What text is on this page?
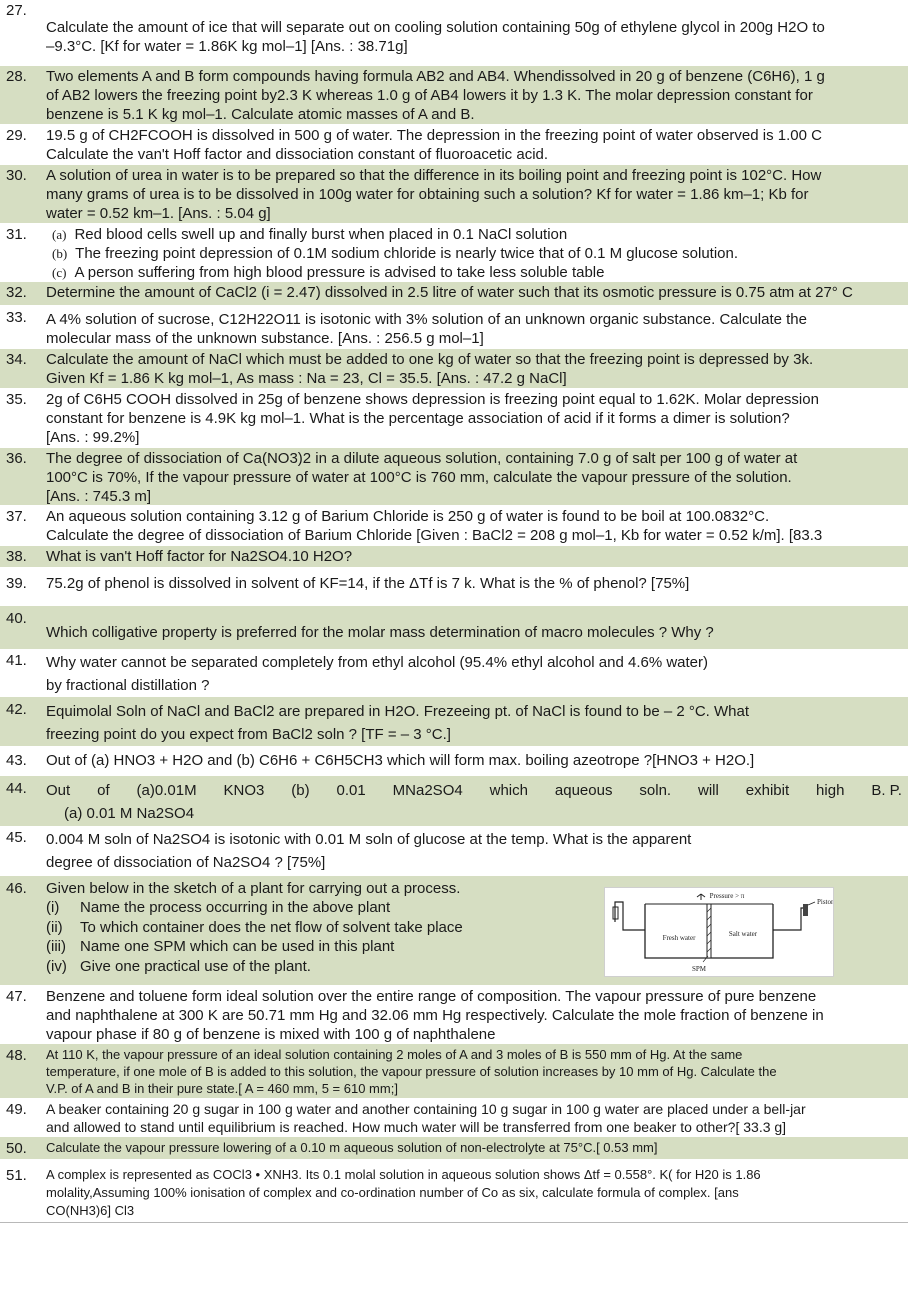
27.
Calculate the amount of ice that will separate out on cooling solution containing 50g of ethylene glycol in 200g H2O to
–9.3°C. [Kf for water = 1.86K kg mol–1] [Ans. : 38.71g]
28. Two elements A and B form compounds having formula AB2 and AB4. Whendissolved in 20 g of benzene (C6H6), 1 g
of AB2 lowers the freezing point by2.3 K whereas 1.0 g of AB4 lowers it by 1.3 K. The molar depression constant for
benzene is 5.1 K kg mol–1. Calculate atomic masses of A and B.
29. 19.5 g of CH2FCOOH is dissolved in 500 g of water. The depression in the freezing point of water observed is 1.00 C
Calculate the van't Hoff factor and dissociation constant of fluoroacetic acid.
30. A solution of urea in water is to be prepared so that the difference in its boiling point and freezing point is 102°C. How
many grams of urea is to be dissolved in 100g water for obtaining such a solution? Kf for water = 1.86 km–1; Kb for
water = 0.52 km–1. [Ans. : 5.04 g]
31. (a) Red blood cells swell up and finally burst when placed in 0.1 NaCl solution
(b) The freezing point depression of 0.1M sodium chloride is nearly twice that of 0.1 M glucose solution.
(c) A person suffering from high blood pressure is advised to take less soluble table
32. Determine the amount of CaCl2 (i = 2.47) dissolved in 2.5 litre of water such that its osmotic pressure is 0.75 atm at 27° C
33. A 4% solution of sucrose, C12H22O11 is isotonic with 3% solution of an unknown organic substance. Calculate the
molecular mass of the unknown substance. [Ans. : 256.5 g mol–1]
34. Calculate the amount of NaCl which must be added to one kg of water so that the freezing point is depressed by 3k.
Given Kf = 1.86 K kg mol–1, As mass : Na = 23, Cl = 35.5. [Ans. : 47.2 g NaCl]
35. 2g of C6H5 COOH dissolved in 25g of benzene shows depression is freezing point equal to 1.62K. Molar depression
constant for benzene is 4.9K kg mol–1. What is the percentage association of acid if it forms a dimer is solution?
[Ans. : 99.2%]
36. The degree of dissociation of Ca(NO3)2 in a dilute aqueous solution, containing 7.0 g of salt per 100 g of water at
100°C is 70%, If the vapour pressure of water at 100°C is 760 mm, calculate the vapour pressure of the solution.
[Ans. : 745.3 m]
37. An aqueous solution containing 3.12 g of Barium Chloride is 250 g of water is found to be boil at 100.0832°C.
Calculate the degree of dissociation of Barium Chloride [Given : BaCl2 = 208 g mol–1, Kb for water = 0.52 k/m]. [83.3
38. What is van't Hoff factor for Na2SO4.10 H2O?
39. 75.2g of phenol is dissolved in solvent of KF=14, if the ΔTf is 7 k. What is the % of phenol? [75%]
40.
Which colligative property is preferred for the molar mass determination of macro molecules ? Why ?
41. Why water cannot be separated completely from ethyl alcohol (95.4% ethyl alcohol and 4.6% water)
by fractional distillation ?
42. Equimolal Soln of NaCl and BaCl2 are prepared in H2O. Frezeeing pt. of NaCl is found to be – 2 °C. What
freezing point do you expect from BaCl2 soln ? [TF = – 3 °C.]
43. Out of (a) HNO3 + H2O and (b) C6H6 + C6H5CH3 which will form max. boiling azeotrope ?[HNO3 + H2O.]
44. Out of (a)0.01M KNO3 (b) 0.01 MNa2SO4 which aqueous soln. will exhibit high B. P.
(a) 0.01 M Na2SO4
45. 0.004 M soln of Na2SO4 is isotonic with 0.01 M soln of glucose at the temp. What is the apparent
degree of dissociation of Na2SO4 ? [75%]
46. Given below in the sketch of a plant for carrying out a process.
(i) Name the process occurring in the above plant
(ii) To which container does the net flow of solvent take place
(iii) Name one SPM which can be used in this plant
(iv) Give one practical use of the plant.
47. Benzene and toluene form ideal solution over the entire range of composition. The vapour pressure of pure benzene
and naphthalene at 300 K are 50.71 mm Hg and 32.06 mm Hg respectively. Calculate the mole fraction of benzene in
vapour phase if 80 g of benzene is mixed with 100 g of naphthalene
48. At 110 K, the vapour pressure of an ideal solution containing 2 moles of A and 3 moles of B is 550 mm of Hg. At the same
temperature, if one mole of B is added to this solution, the vapour pressure of solution increases by 10 mm of Hg. Calculate the
V.P. of A and B in their pure state.[ A = 460 mm, 5 = 610 mm;]
49. A beaker containing 20 g sugar in 100 g water and another containing 10 g sugar in 100 g water are placed under a bell-jar
and allowed to stand until equilibrium is reached. How much water will be transferred from one beaker to other?[ 33.3 g]
50. Calculate the vapour pressure lowering of a 0.10 m aqueous solution of non-electrolyte at 75°C.[ 0.53 mm]
51. A complex is represented as COCl3 • XNH3. Its 0.1 molal solution in aqueous solution shows Δtf = 0.558°. K( for H20 is 1.86
molality,Assuming 100% ionisation of complex and co-ordination number of Co as six, calculate formula of complex. [ans
CO(NH3)6] Cl3
Pressure > π
Piston
Fresh water	Salt water
SPM
